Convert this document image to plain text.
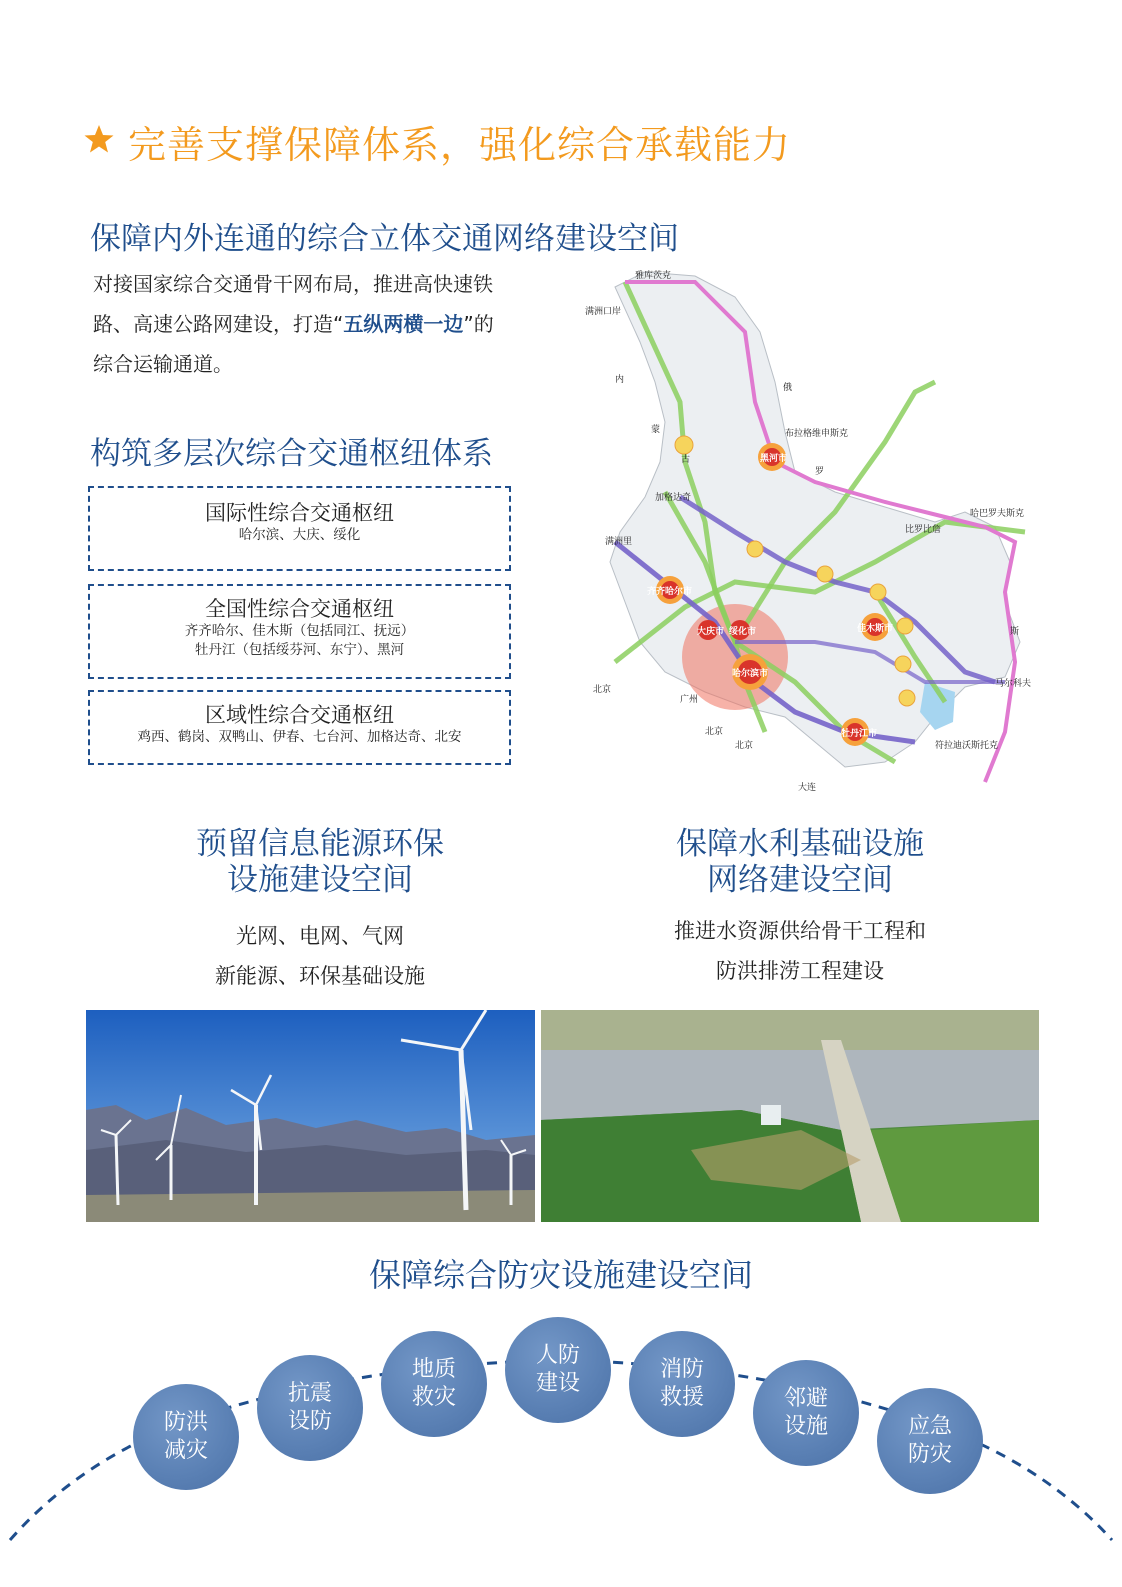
完善支撑保障体系，强化综合承载能力
保障内外连通的综合立体交通网络建设空间
对接国家综合交通骨干网布局，推进高快速铁路、高速公路网建设，打造“五纵两横一边”的综合运输通道。
构筑多层次综合交通枢纽体系
国际性综合交通枢纽
哈尔滨、大庆、绥化
全国性综合交通枢纽
齐齐哈尔、佳木斯（包括同江、抚远）
牡丹江（包括绥芬河、东宁）、黑河
区域性综合交通枢纽
鸡西、鹤岗、双鸭山、伊春、七台河、加格达奇、北安
雅库茨克
满洲口岸
布拉格维申斯克
加格达奇
满洲里
比罗比詹
哈巴罗夫斯克
北京
北京
北京
广州
大连
符拉迪沃斯托克
马尔科夫
黑河市
齐齐哈尔市
大庆市 绥化市
哈尔滨市
佳木斯市
牡丹江市
内
蒙
古
俄
罗
斯
预留信息能源环保
设施建设空间
光网、电网、气网
新能源、环保基础设施
保障水利基础设施
网络建设空间
推进水资源供给骨干工程和
防洪排涝工程建设
保障综合防灾设施建设空间
防洪
减灾
抗震
设防
地质
救灾
人防
建设
消防
救援	邻避
设施	应急
防灾
